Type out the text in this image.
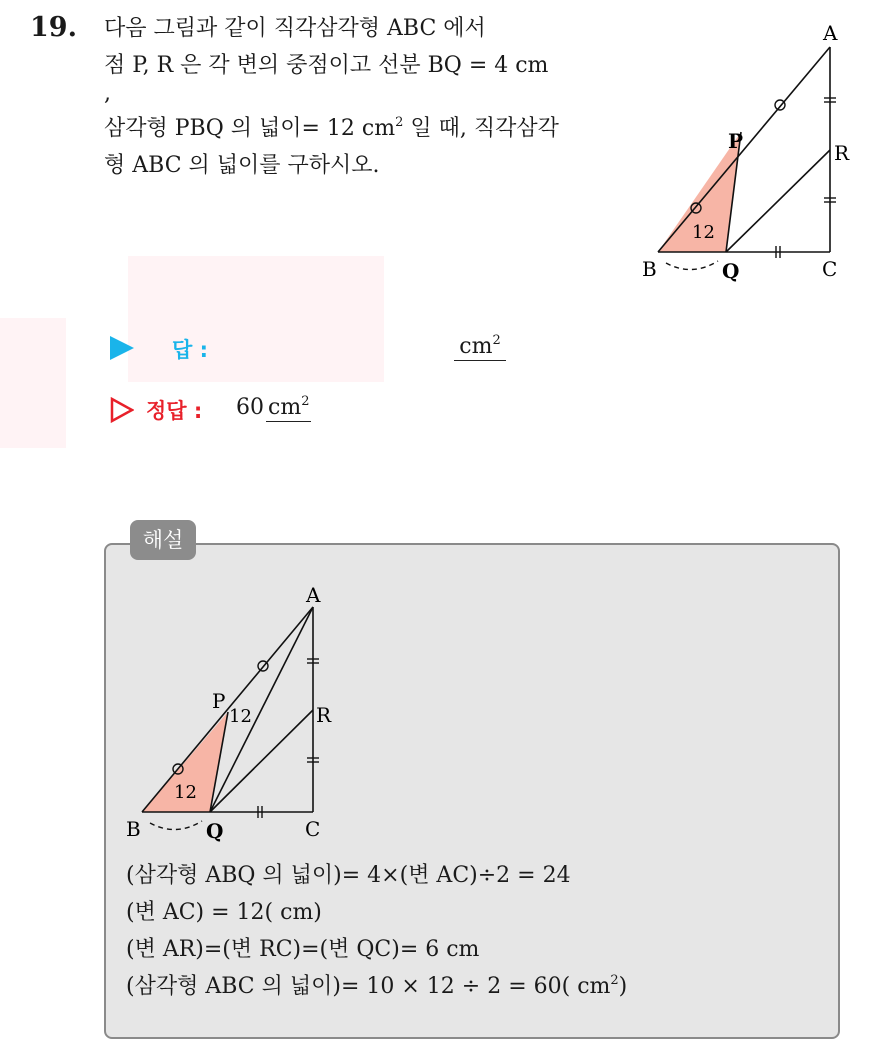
19. 다음 그림과 같이 직각삼각형 ABC 에서
점 P, R 은 각 변의 중점이고 선분 BQ = 4 cm
,
삼각형 PBQ 의 넓이= 12 $cm^2$ 일 때, 직각삼각
형 ABC 의 넓이를 구하시오.
A
B	C
P
Q
R
12
답 :	$cm^2$
정답 : 60 $cm^2$
해설
A
B	C
P
Q
R
12
12
(삼각형 ABQ 의 넓이)= 4×(변 AC)÷2 = 24
(변 AC) = 12( cm)
(변 AR)=(변 RC)=(변 QC)= 6 cm
(삼각형 ABC 의 넓이)= 10 × 12 ÷ 2 = 60( $cm^2$)
